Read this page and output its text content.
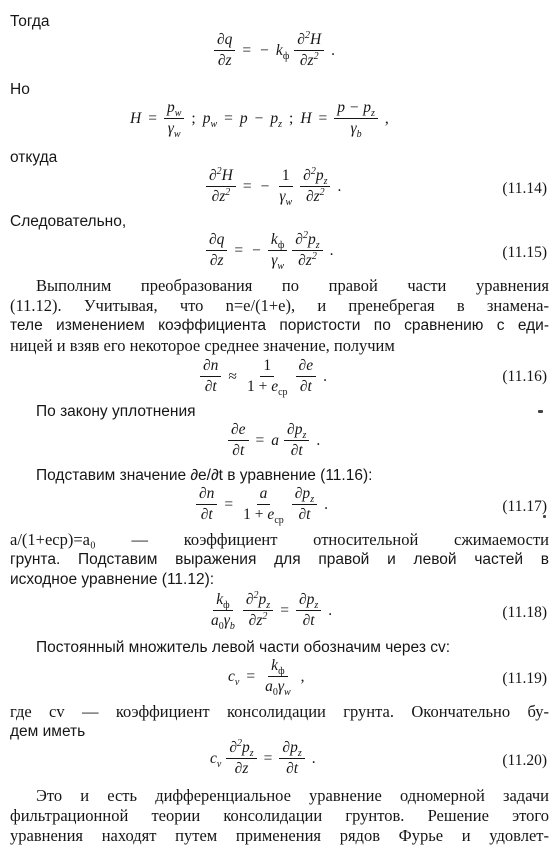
Тогда
$\frac{\partial q}{\partial z}$ = − $k_ф \frac{\partial^2H}{\partial z^2}$ .
Но
$H = \frac{p_w}{\gamma_w}$ ; $p_w = p - p_z$ ; $H = \frac{p - p_z}{\gamma_b}$ ,
откуда
$\frac{\partial^2H}{\partial z^2}$ = − $\frac{1}{\gamma_w} \frac{\partial^2p_z}{\partial z^2}$ .	(11.14)
Следовательно,
$\frac{\partial q}{\partial z}$ = − $\frac{k_ф}{\gamma_w} \frac{\partial^2p_z}{\partial z^2}$ .	(11.15)
Выполним преобразования по правой части уравнения
(11.12). Учитывая, что n=e/(1+e), и пренебрегая в знамена-
теле изменением коэффициента пористости по сравнению с еди-
ницей и взяв его некоторое среднее значение, получим
$\frac{\partial n}{\partial t} \approx \frac{1}{1 + e_{ср}} \frac{\partial e}{\partial t}$ .	(11.16)
По закону уплотнения
$\frac{\partial e}{\partial t} = a \frac{\partial p_z}{\partial t}$ .
Подставим значение ∂e/∂t в уравнение (11.16):
$\frac{\partial n}{\partial t} = \frac{a}{1 + e_{ср}} \frac{\partial p_z}{\partial t}$ .	(11.17)
a/(1+eср)=a₀ — коэффициент относительной сжимаемости
грунта. Подставим выражения для правой и левой частей в
исходное уравнение (11.12):
$\frac{k_ф}{a_0\gamma_b} \frac{\partial^2p_z}{\partial z^2} = \frac{\partial p_z}{\partial t}$ .	(11.18)
Постоянный множитель левой части обозначим через cv:
$c_v = \frac{k_ф}{a_0\gamma_w}$ ,	(11.19)
где cv — коэффициент консолидации грунта. Окончательно бу-
дем иметь
$c_v \frac{\partial^2p_z}{\partial z} = \frac{\partial p_z}{\partial t}$ .	(11.20)
Это и есть дифференциальное уравнение одномерной задачи
фильтрационной теории консолидации грунтов. Решение этого
уравнения находят путем применения рядов Фурье и удовлет-
